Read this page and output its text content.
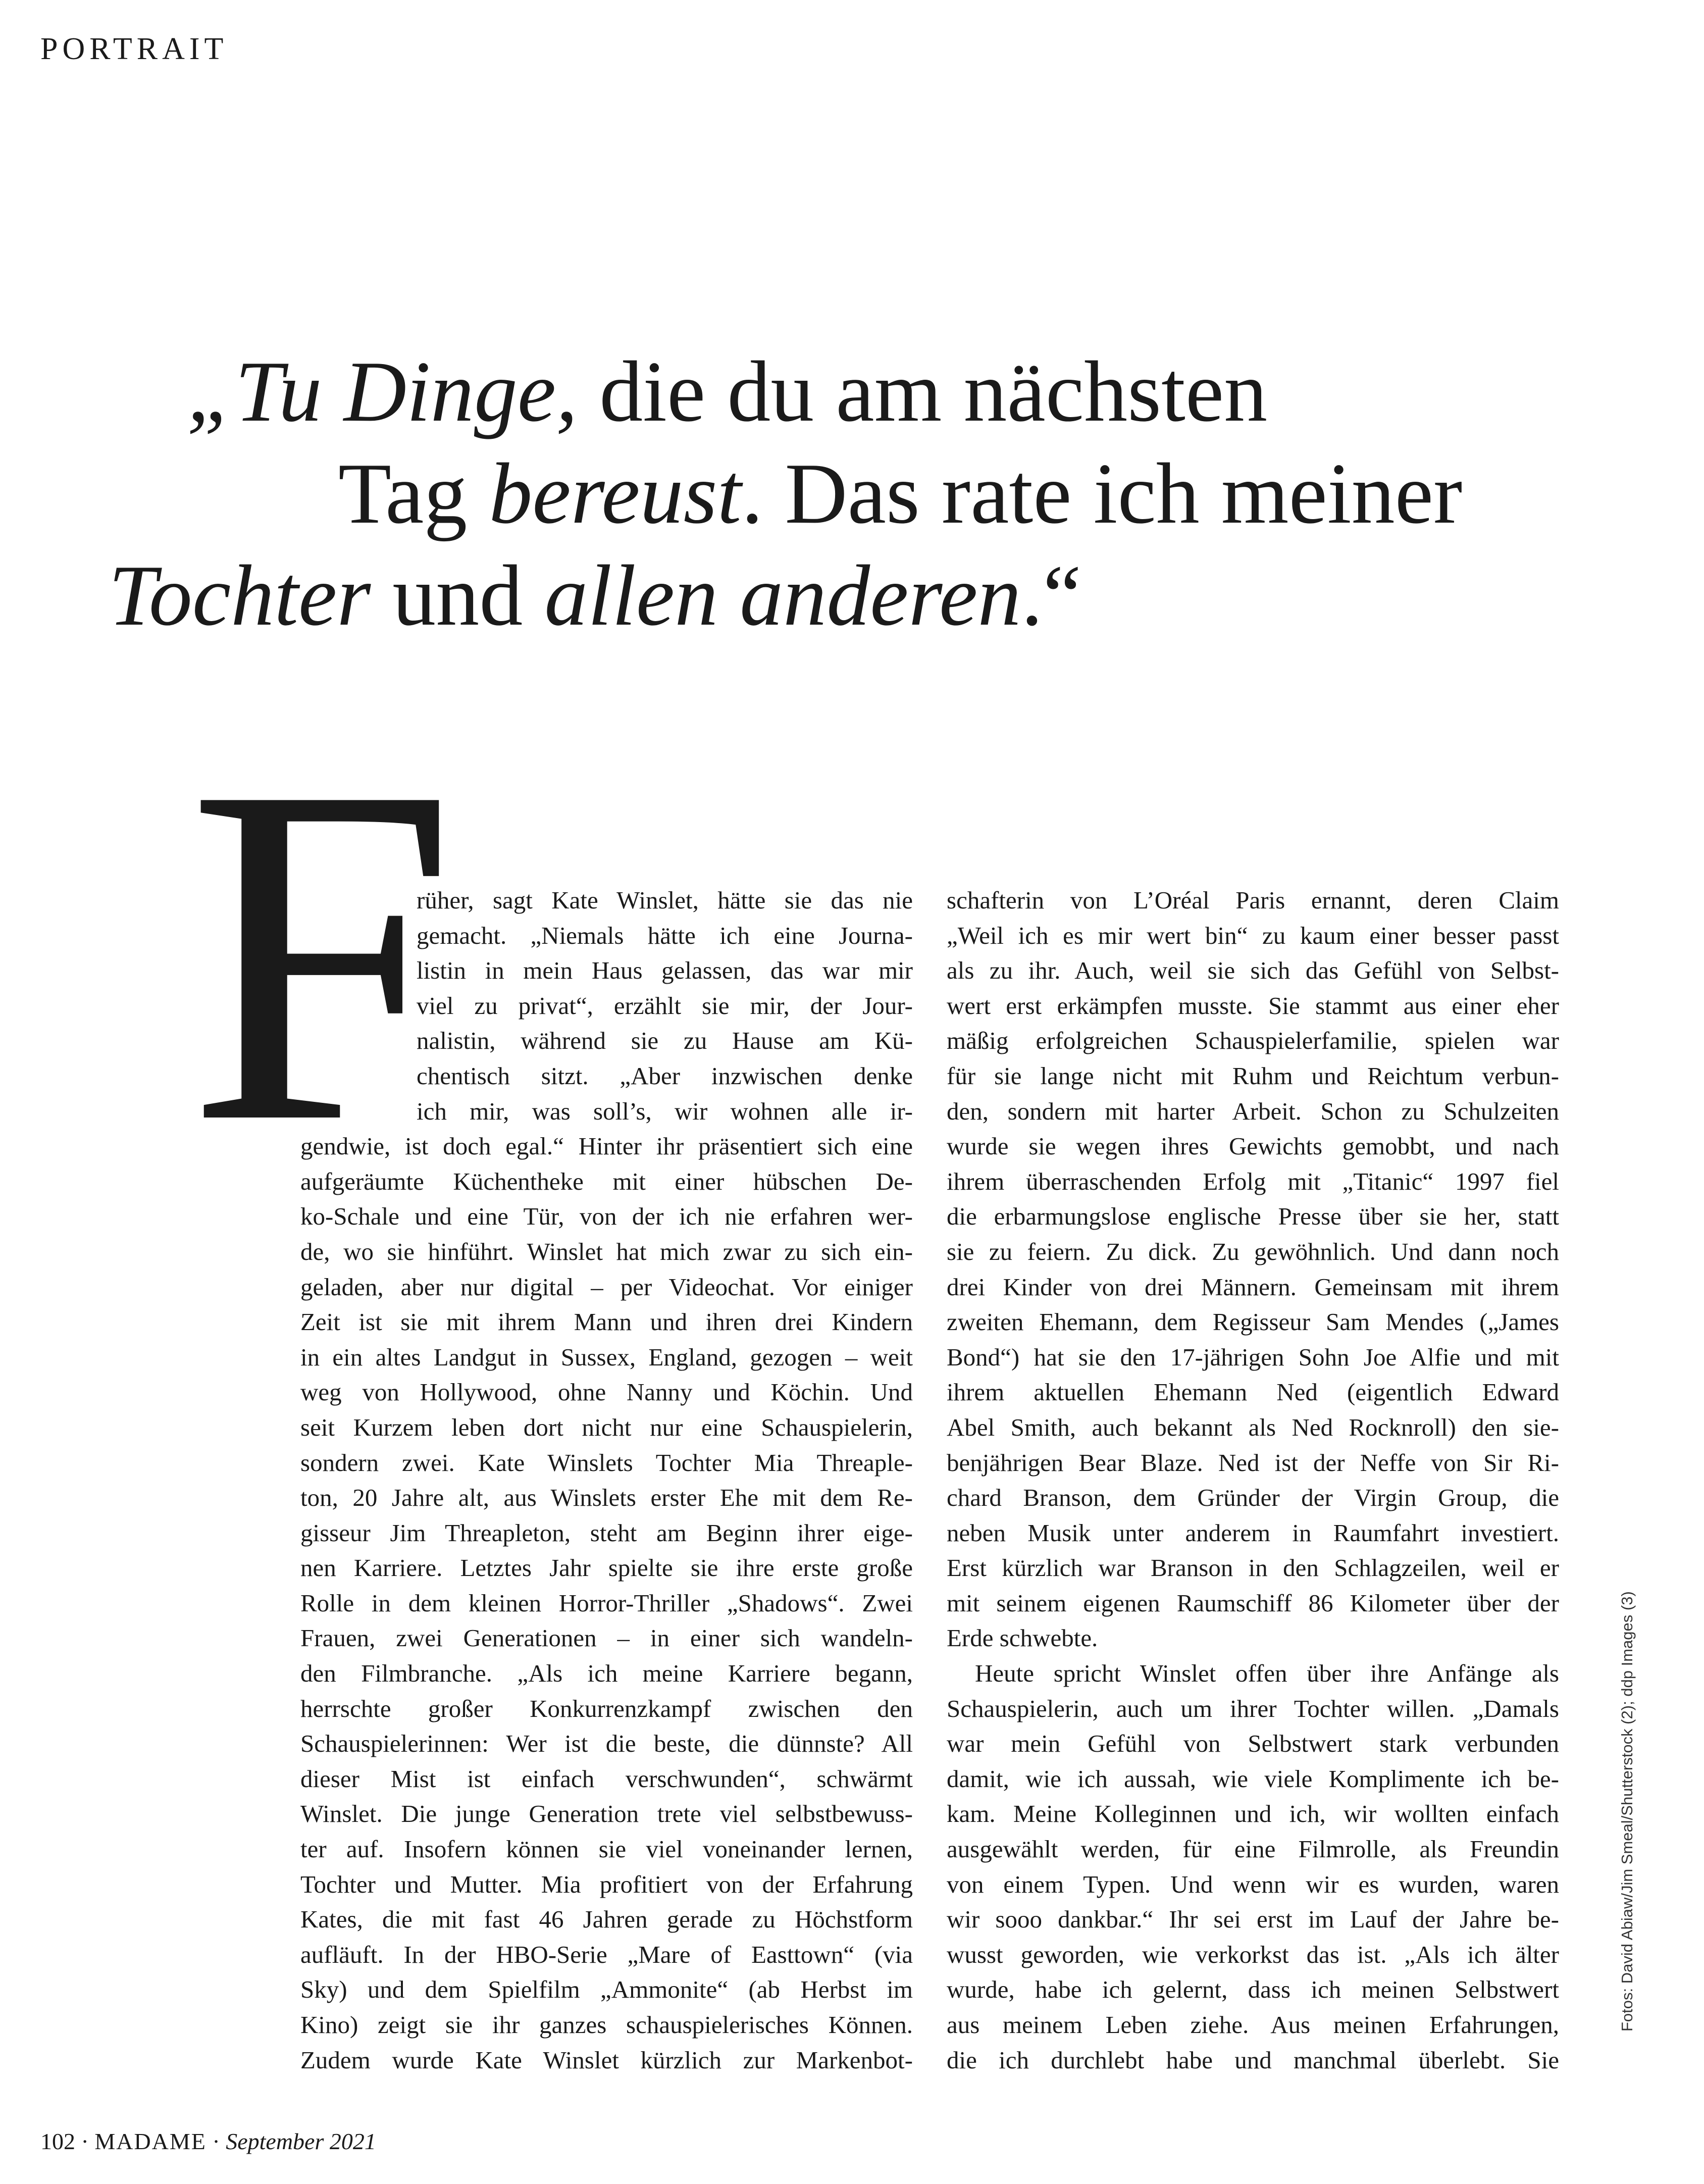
PORTRAIT
„Tu Dinge, die du am nächsten
Tag bereust. Das rate ich meiner
Tochter und allen anderen.“
F
rüher, sagt Kate Winslet, hätte sie das nie
gemacht. „Niemals hätte ich eine Journa-
listin in mein Haus gelassen, das war mir
viel zu privat“, erzählt sie mir, der Jour-
nalistin, während sie zu Hause am Kü-
chentisch sitzt. „Aber inzwischen denke
ich mir, was soll’s, wir wohnen alle ir-
gendwie, ist doch egal.“ Hinter ihr präsentiert sich eine
aufgeräumte Küchentheke mit einer hübschen De-
ko-Schale und eine Tür, von der ich nie erfahren wer-
de, wo sie hinführt. Winslet hat mich zwar zu sich ein-
geladen, aber nur digital – per Videochat. Vor einiger
Zeit ist sie mit ihrem Mann und ihren drei Kindern
in ein altes Landgut in Sussex, England, gezogen – weit
weg von Hollywood, ohne Nanny und Köchin. Und
seit Kurzem leben dort nicht nur eine Schauspielerin,
sondern zwei. Kate Winslets Tochter Mia Threaple-
ton, 20 Jahre alt, aus Winslets erster Ehe mit dem Re-
gisseur Jim Threapleton, steht am Beginn ihrer eige-
nen Karriere. Letztes Jahr spielte sie ihre erste große
Rolle in dem kleinen Horror-Thriller „Shadows“. Zwei
Frauen, zwei Generationen – in einer sich wandeln-
den Filmbranche. „Als ich meine Karriere begann,
herrschte großer Konkurrenzkampf zwischen den
Schauspielerinnen: Wer ist die beste, die dünnste? All
dieser Mist ist einfach verschwunden“, schwärmt
Winslet. Die junge Generation trete viel selbstbewuss-
ter auf. Insofern können sie viel voneinander lernen,
Tochter und Mutter. Mia profitiert von der Erfahrung
Kates, die mit fast 46 Jahren gerade zu Höchstform
aufläuft. In der HBO-Serie „Mare of Easttown“ (via
Sky) und dem Spielfilm „Ammonite“ (ab Herbst im
Kino) zeigt sie ihr ganzes schauspielerisches Können.
Zudem wurde Kate Winslet kürzlich zur Markenbot-
schafterin von L’Oréal Paris ernannt, deren Claim
„Weil ich es mir wert bin“ zu kaum einer besser passt
als zu ihr. Auch, weil sie sich das Gefühl von Selbst-
wert erst erkämpfen musste. Sie stammt aus einer eher
mäßig erfolgreichen Schauspielerfamilie, spielen war
für sie lange nicht mit Ruhm und Reichtum verbun-
den, sondern mit harter Arbeit. Schon zu Schulzeiten
wurde sie wegen ihres Gewichts gemobbt, und nach
ihrem überraschenden Erfolg mit „Titanic“ 1997 fiel
die erbarmungslose englische Presse über sie her, statt
sie zu feiern. Zu dick. Zu gewöhnlich. Und dann noch
drei Kinder von drei Männern. Gemeinsam mit ihrem
zweiten Ehemann, dem Regisseur Sam Mendes („James
Bond“) hat sie den 17-jährigen Sohn Joe Alfie und mit
ihrem aktuellen Ehemann Ned (eigentlich Edward
Abel Smith, auch bekannt als Ned Rocknroll) den sie-
benjährigen Bear Blaze. Ned ist der Neffe von Sir Ri-
chard Branson, dem Gründer der Virgin Group, die
neben Musik unter anderem in Raumfahrt investiert.
Erst kürzlich war Branson in den Schlagzeilen, weil er
mit seinem eigenen Raumschiff 86 Kilometer über der
Erde schwebte.
Heute spricht Winslet offen über ihre Anfänge als
Schauspielerin, auch um ihrer Tochter willen. „Damals
war mein Gefühl von Selbstwert stark verbunden
damit, wie ich aussah, wie viele Komplimente ich be-
kam. Meine Kolleginnen und ich, wir wollten einfach
ausgewählt werden, für eine Filmrolle, als Freundin
von einem Typen. Und wenn wir es wurden, waren
wir sooo dankbar.“ Ihr sei erst im Lauf der Jahre be-
wusst geworden, wie verkorkst das ist. „Als ich älter
wurde, habe ich gelernt, dass ich meinen Selbstwert
aus meinem Leben ziehe. Aus meinen Erfahrungen,
die ich durchlebt habe und manchmal überlebt. Sie
Fotos: David Abiaw/Jim Smeal/Shutterstock (2); ddp Images (3)
102 · MADAME · September 2021
